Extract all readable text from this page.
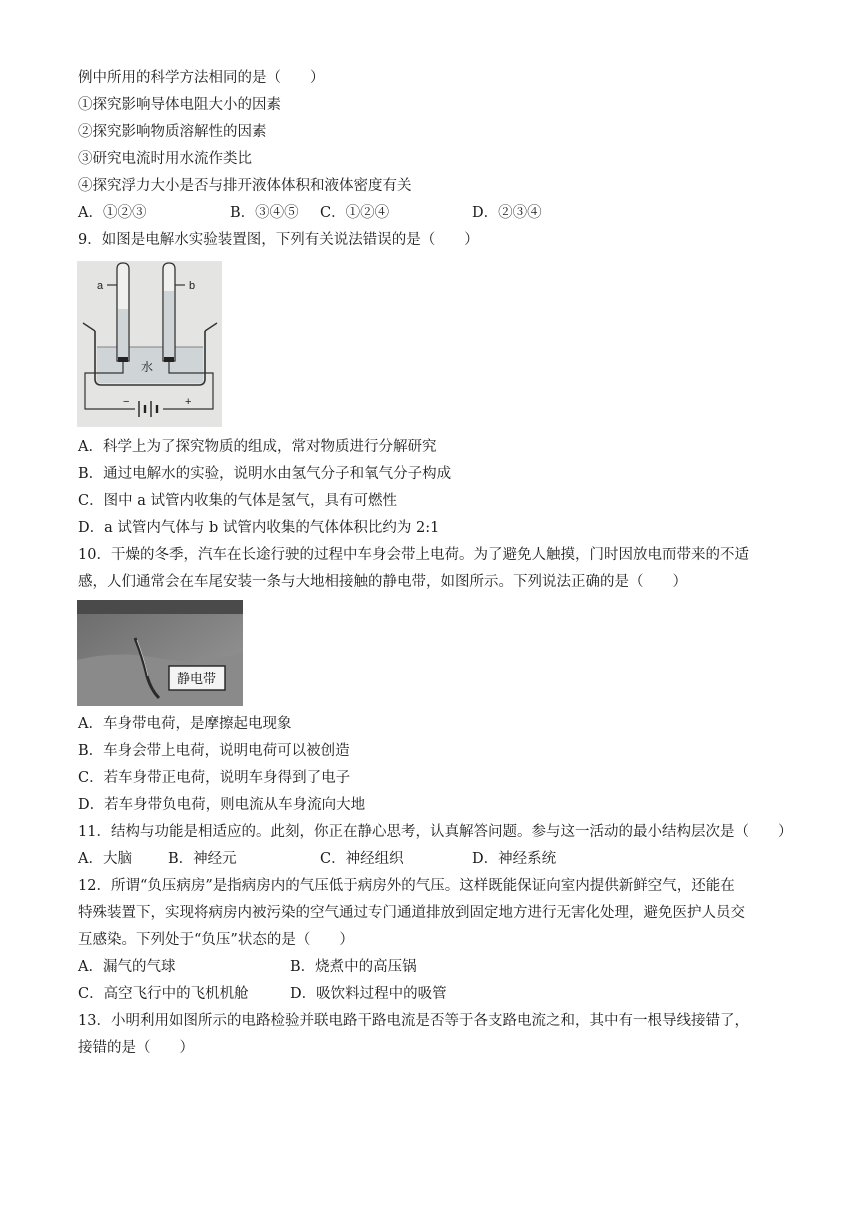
例中所用的科学方法相同的是（　　）
①探究影响导体电阻大小的因素
②探究影响物质溶解性的因素
③研究电流时用水流作类比
④探究浮力大小是否与排开液体体积和液体密度有关
A．①②③	B．③④⑤ C．①②④	D．②③④
9．如图是电解水实验装置图，下列有关说法错误的是（　　）
a	b
水
−	+
A．科学上为了探究物质的组成，常对物质进行分解研究
B．通过电解水的实验，说明水由氢气分子和氧气分子构成
C．图中 a 试管内收集的气体是氢气，具有可燃性
D．a 试管内气体与 b 试管内收集的气体体积比约为 2:1
10．干燥的冬季，汽车在长途行驶的过程中车身会带上电荷。为了避免人触摸，门时因放电而带来的不适
感，人们通常会在车尾安装一条与大地相接触的静电带，如图所示。下列说法正确的是（　　）
静电带
A．车身带电荷，是摩擦起电现象
B．车身会带上电荷，说明电荷可以被创造
C．若车身带正电荷，说明车身得到了电子
D．若车身带负电荷，则电流从车身流向大地
11．结构与功能是相适应的。此刻，你正在静心思考，认真解答问题。参与这一活动的最小结构层次是（　　）
A．大脑 B．神经元	C．神经组织	D．神经系统
12．所谓“负压病房”是指病房内的气压低于病房外的气压。这样既能保证向室内提供新鲜空气，还能在
特殊装置下，实现将病房内被污染的空气通过专门通道排放到固定地方进行无害化处理，避免医护人员交
互感染。下列处于“负压”状态的是（　　）
A．漏气的气球	B．烧煮中的高压锅
C．高空飞行中的飞机机舱	D．吸饮料过程中的吸管
13．小明利用如图所示的电路检验并联电路干路电流是否等于各支路电流之和，其中有一根导线接错了，
接错的是（　　）
